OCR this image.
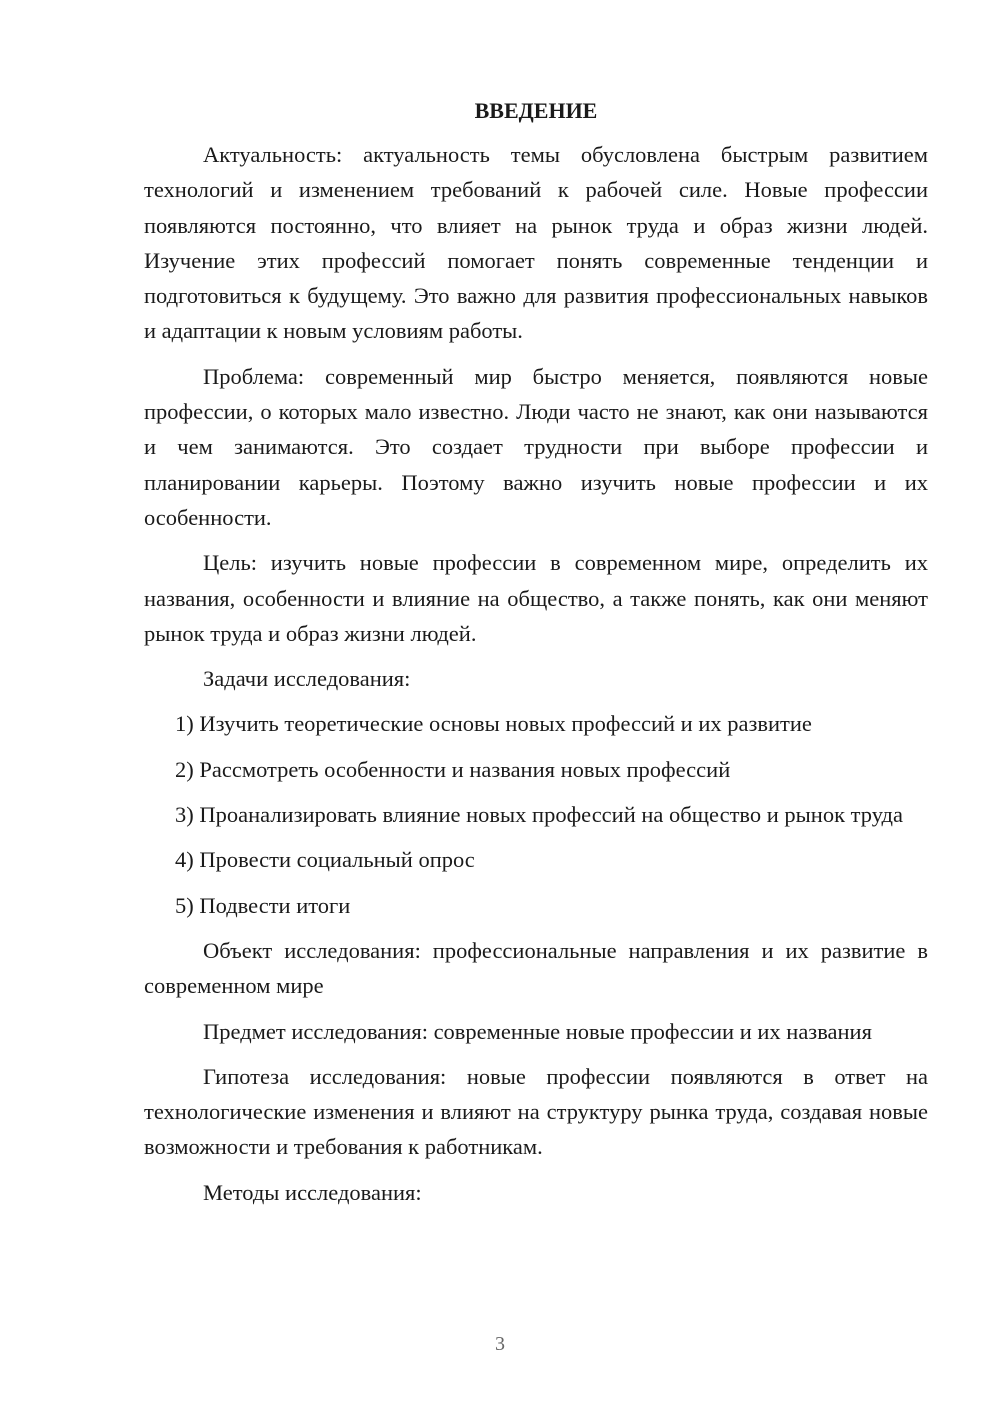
ВВЕДЕНИЕ

Актуальность: актуальность темы обусловлена быстрым развитием технологий и изменением требований к рабочей силе. Новые профессии появляются постоянно, что влияет на рынок труда и образ жизни людей. Изучение этих профессий помогает понять современные тенденции и подготовиться к будущему. Это важно для развития профессиональных навыков и адаптации к новым условиям работы.

Проблема: современный мир быстро меняется, появляются новые профессии, о которых мало известно. Люди часто не знают, как они называются и чем занимаются. Это создает трудности при выборе профессии и планировании карьеры. Поэтому важно изучить новые профессии и их особенности.

Цель: изучить новые профессии в современном мире, определить их названия, особенности и влияние на общество, а также понять, как они меняют рынок труда и образ жизни людей.

Задачи исследования:

1) Изучить теоретические основы новых профессий и их развитие

2) Рассмотреть особенности и названия новых профессий

3) Проанализировать влияние новых профессий на общество и рынок труда

4) Провести социальный опрос

5) Подвести итоги

Объект исследования: профессиональные направления и их развитие в современном мире

Предмет исследования: современные новые профессии и их названия

Гипотеза исследования: новые профессии появляются в ответ на технологические изменения и влияют на структуру рынка труда, создавая новые возможности и требования к работникам.

Методы исследования:

3
